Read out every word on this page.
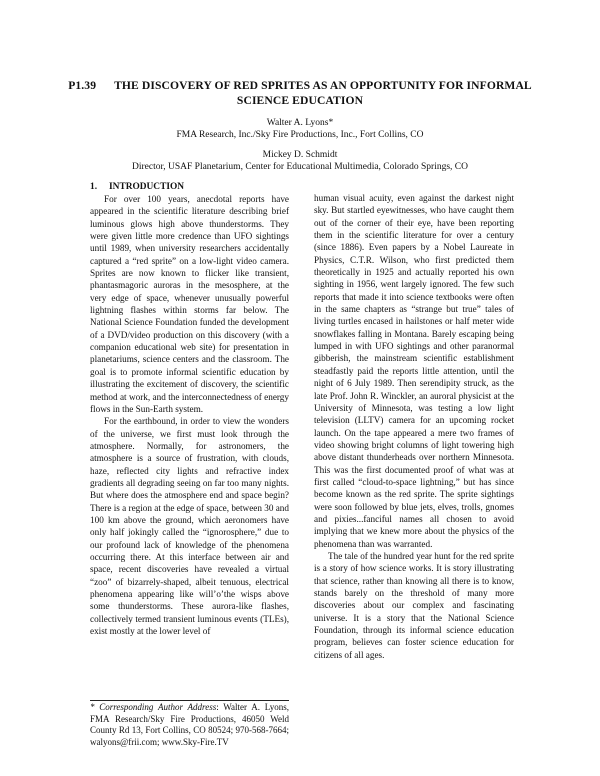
P1.39 THE DISCOVERY OF RED SPRITES AS AN OPPORTUNITY FOR INFORMAL SCIENCE EDUCATION
Walter A. Lyons*
FMA Research, Inc./Sky Fire Productions, Inc., Fort Collins, CO
Mickey D. Schmidt
Director, USAF Planetarium, Center for Educational Multimedia, Colorado Springs, CO

1. INTRODUCTION

For over 100 years, anecdotal reports have appeared in the scientific literature describing brief luminous glows high above thunderstorms. They were given little more credence than UFO sightings until 1989, when university researchers accidentally captured a “red sprite” on a low-light video camera. Sprites are now known to flicker like transient, phantasmagoric auroras in the mesosphere, at the very edge of space, whenever unusually powerful lightning flashes within storms far below. The National Science Foundation funded the development of a DVD/video production on this discovery (with a companion educational web site) for presentation in planetariums, science centers and the classroom. The goal is to promote informal scientific education by illustrating the excitement of discovery, the scientific method at work, and the interconnectedness of energy flows in the Sun-Earth system.

For the earthbound, in order to view the wonders of the universe, we first must look through the atmosphere. Normally, for astronomers, the atmosphere is a source of frustration, with clouds, haze, reflected city lights and refractive index gradients all degrading seeing on far too many nights. But where does the atmosphere end and space begin? There is a region at the edge of space, between 30 and 100 km above the ground, which aeronomers have only half jokingly called the “ignorosphere,” due to our profound lack of knowledge of the phenomena occurring there. At this interface between air and space, recent discoveries have revealed a virtual “zoo” of bizarrely-shaped, albeit tenuous, electrical phenomena appearing like will’o’the wisps above some thunderstorms. These aurora-like flashes, collectively termed transient luminous events (TLEs), exist mostly at the lower level of

human visual acuity, even against the darkest night sky. But startled eyewitnesses, who have caught them out of the corner of their eye, have been reporting them in the scientific literature for over a century (since 1886). Even papers by a Nobel Laureate in Physics, C.T.R. Wilson, who first predicted them theoretically in 1925 and actually reported his own sighting in 1956, went largely ignored. The few such reports that made it into science textbooks were often in the same chapters as “strange but true” tales of living turtles encased in hailstones or half meter wide snowflakes falling in Montana. Barely escaping being lumped in with UFO sightings and other paranormal gibberish, the mainstream scientific establishment steadfastly paid the reports little attention, until the night of 6 July 1989. Then serendipity struck, as the late Prof. John R. Winckler, an auroral physicist at the University of Minnesota, was testing a low light television (LLTV) camera for an upcoming rocket launch. On the tape appeared a mere two frames of video showing bright columns of light towering high above distant thunderheads over northern Minnesota. This was the first documented proof of what was at first called “cloud-to-space lightning,” but has since become known as the red sprite. The sprite sightings were soon followed by blue jets, elves, trolls, gnomes and pixies...fanciful names all chosen to avoid implying that we knew more about the physics of the phenomena than was warranted.

The tale of the hundred year hunt for the red sprite is a story of how science works. It is story illustrating that science, rather than knowing all there is to know, stands barely on the threshold of many more discoveries about our complex and fascinating universe. It is a story that the National Science Foundation, through its informal science education program, believes can foster science education for citizens of all ages.

* Corresponding Author Address: Walter A. Lyons, FMA Research/Sky Fire Productions, 46050 Weld County Rd 13, Fort Collins, CO 80524; 970-568-7664; walyons@frii.com; www.Sky-Fire.TV
